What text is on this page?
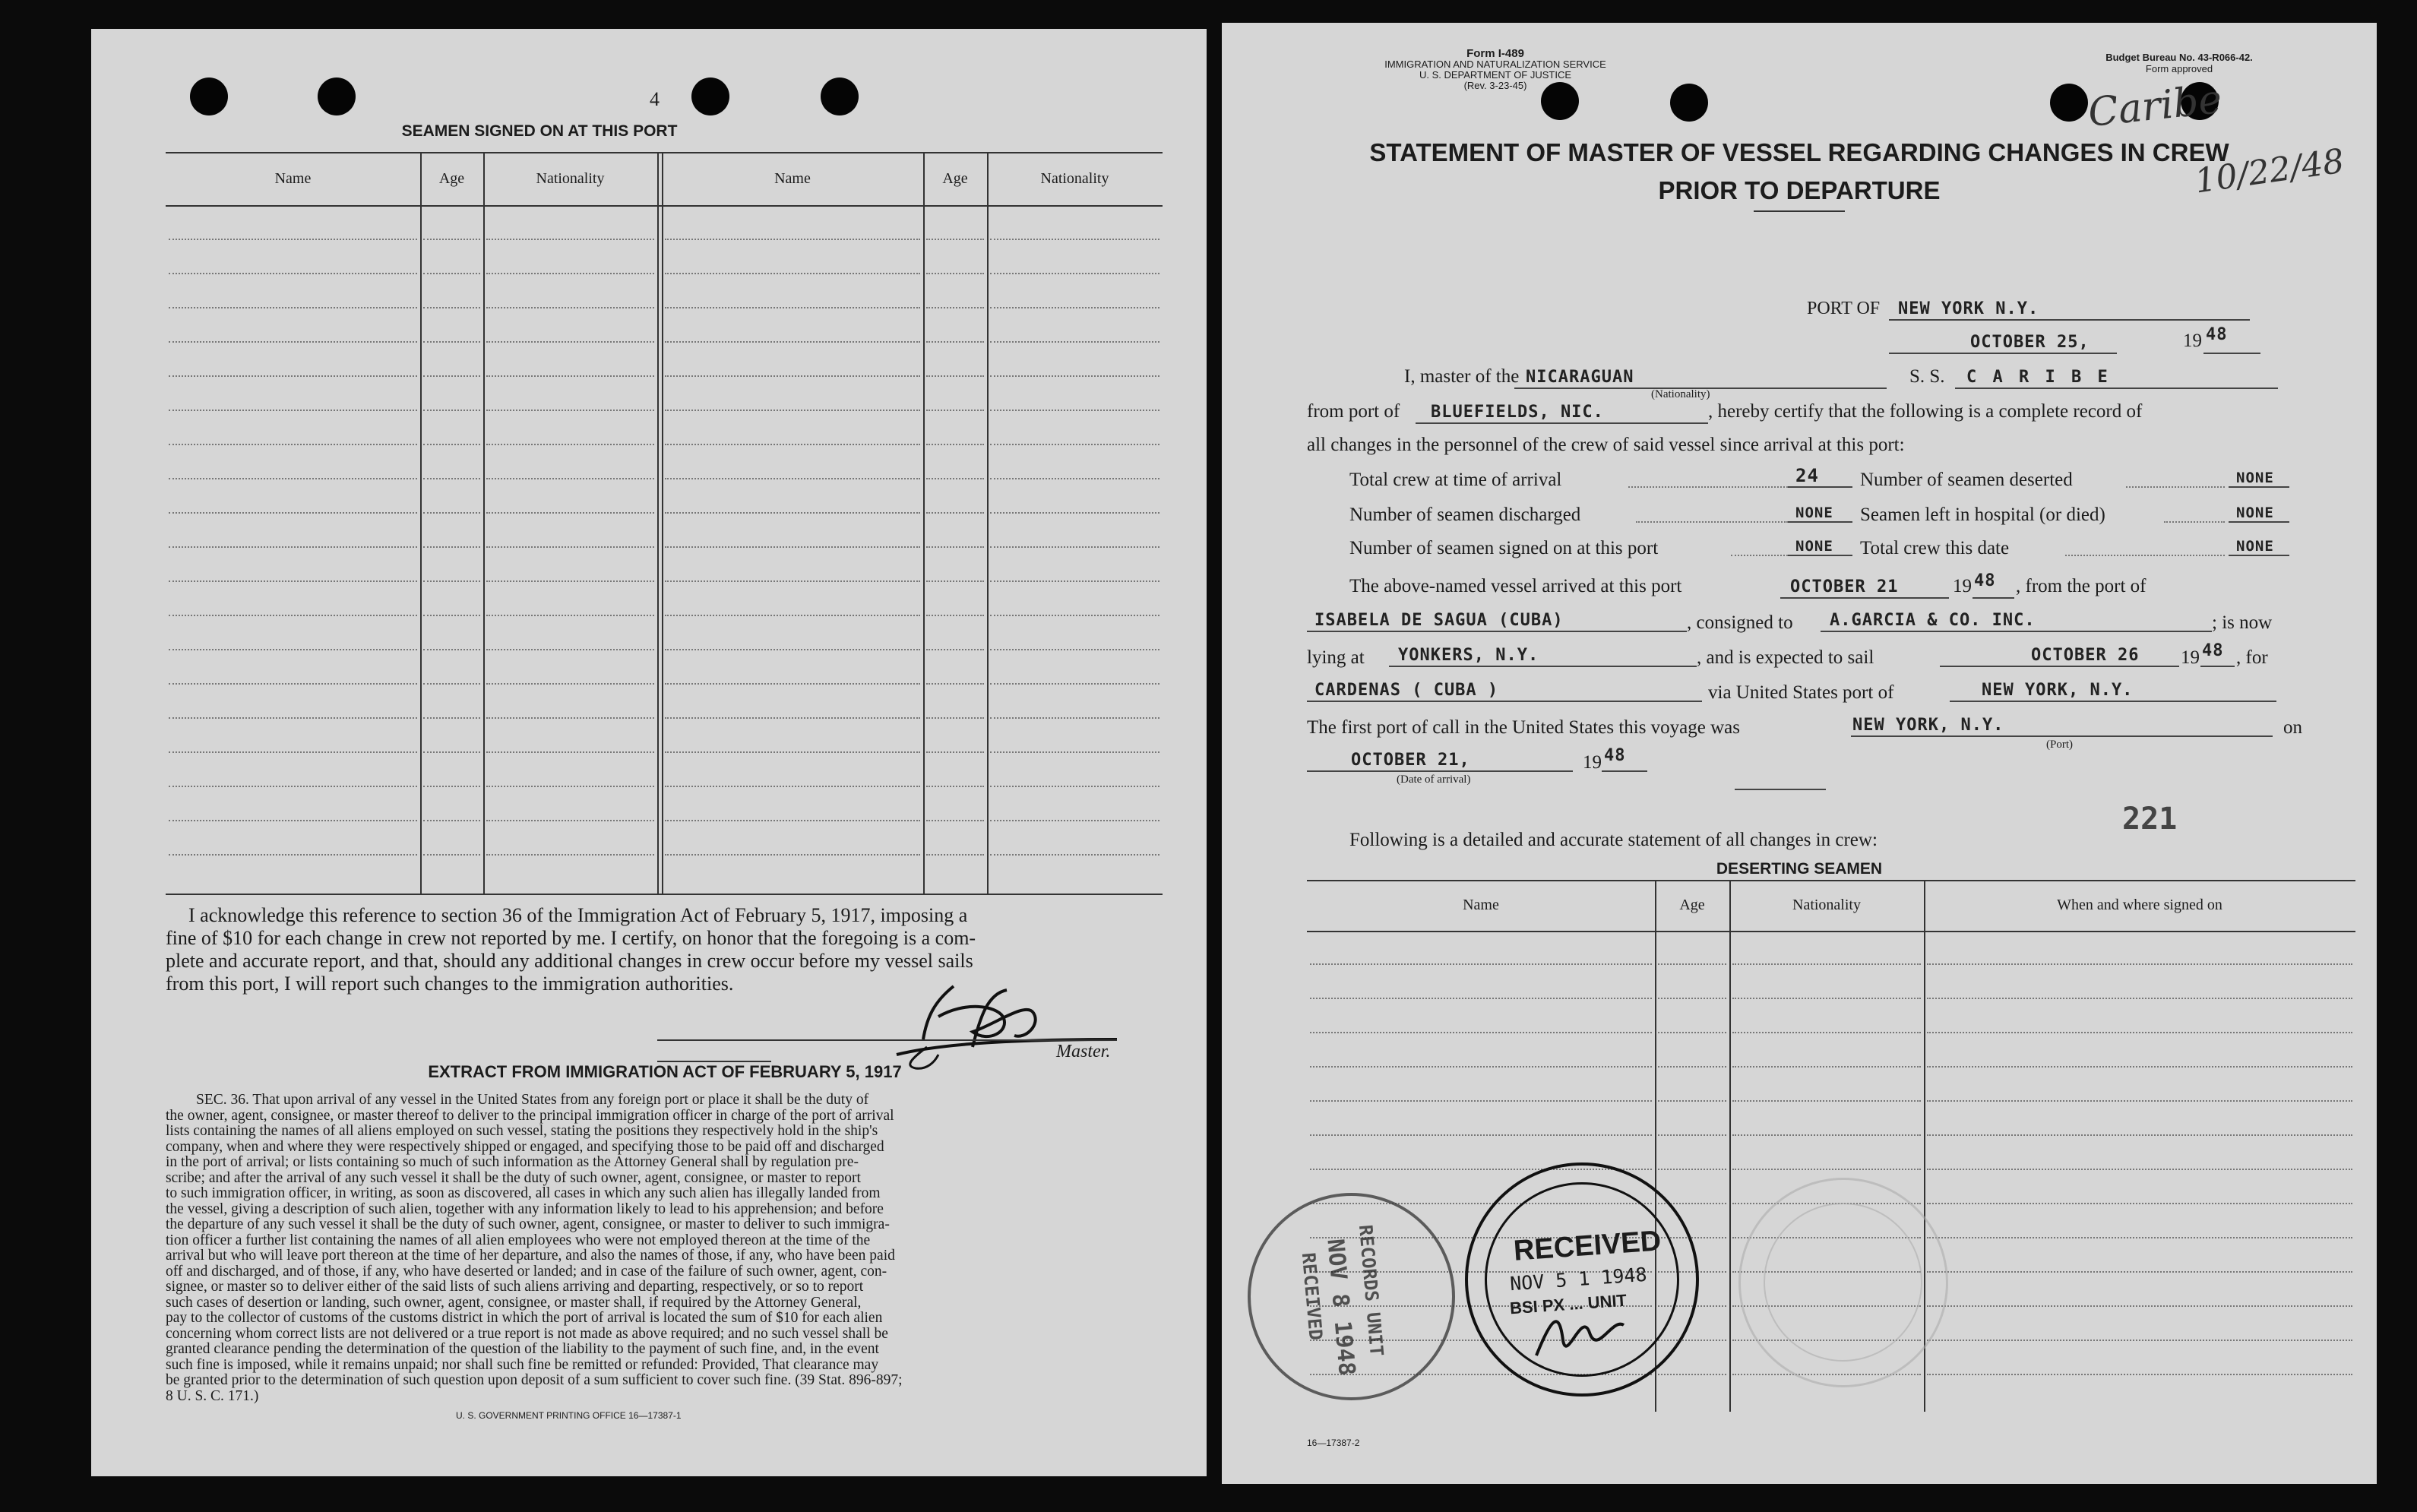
4
SEAMEN SIGNED ON AT THIS PORT
Name	Age	Nationality	Name	Age	Nationality
I acknowledge this reference to section 36 of the Immigration Act of February 5, 1917, imposing a
fine of $10 for each change in crew not reported by me. I certify, on honor that the foregoing is a com-
plete and accurate report, and that, should any additional changes in crew occur before my vessel sails
from this port, I will report such changes to the immigration authorities.
Master.
EXTRACT FROM IMMIGRATION ACT OF FEBRUARY 5, 1917
SEC. 36. That upon arrival of any vessel in the United States from any foreign port or place it shall be the duty of
the owner, agent, consignee, or master thereof to deliver to the principal immigration officer in charge of the port of arrival
lists containing the names of all aliens employed on such vessel, stating the positions they respectively hold in the ship's
company, when and where they were respectively shipped or engaged, and specifying those to be paid off and discharged
in the port of arrival; or lists containing so much of such information as the Attorney General shall by regulation pre-
scribe; and after the arrival of any such vessel it shall be the duty of such owner, agent, consignee, or master to report
to such immigration officer, in writing, as soon as discovered, all cases in which any such alien has illegally landed from
the vessel, giving a description of such alien, together with any information likely to lead to his apprehension; and before
the departure of any such vessel it shall be the duty of such owner, agent, consignee, or master to deliver to such immigra-
tion officer a further list containing the names of all alien employees who were not employed thereon at the time of the
arrival but who will leave port thereon at the time of her departure, and also the names of those, if any, who have been paid
off and discharged, and of those, if any, who have deserted or landed; and in case of the failure of such owner, agent, con-
signee, or master so to deliver either of the said lists of such aliens arriving and departing, respectively, or so to report
such cases of desertion or landing, such owner, agent, consignee, or master shall, if required by the Attorney General,
pay to the collector of customs of the customs district in which the port of arrival is located the sum of $10 for each alien
concerning whom correct lists are not delivered or a true report is not made as above required; and no such vessel shall be
granted clearance pending the determination of the question of the liability to the payment of such fine, and, in the event
such fine is imposed, while it remains unpaid; nor shall such fine be remitted or refunded: Provided, That clearance may
be granted prior to the determination of such question upon deposit of a sum sufficient to cover such fine. (39 Stat. 896-897;
8 U. S. C. 171.)
U. S. GOVERNMENT PRINTING OFFICE 16—17387-1
Form I-489
IMMIGRATION AND NATURALIZATION SERVICE
U. S. DEPARTMENT OF JUSTICE
(Rev. 3-23-45)
Budget Bureau No. 43-R066-42.
Form approved
Caribe
10/22/48
STATEMENT OF MASTER OF VESSEL REGARDING CHANGES IN CREW
PRIOR TO DEPARTURE
PORT OF NEW YORK N.Y.
OCTOBER 25,	19 48
I, master of the NICARAGUAN
(Nationality)
S. S. C A R I B E
from port of BLUEFIELDS, NIC.	, hereby certify that the following is a complete record of
all changes in the personnel of the crew of said vessel since arrival at this port:
Total crew at time of arrival	24 Number of seamen deserted	NONE
Number of seamen discharged	NONE Seamen left in hospital (or died)	NONE
Number of seamen signed on at this port	NONE Total crew this date	NONE
The above-named vessel arrived at this port	OCTOBER 21	19 48 , from the port of
ISABELA DE SAGUA (CUBA)	, consigned to A.GARCIA & CO. INC.	; is now
lying at YONKERS, N.Y.	, and is expected to sail	OCTOBER 26 19 48 , for
CARDENAS ( CUBA )	via United States port of	NEW YORK, N.Y.
The first port of call in the United States this voyage was	NEW YORK, N.Y.	on
(Port)
OCTOBER 21,	19 48
(Date of arrival)
221
Following is a detailed and accurate statement of all changes in crew:
DESERTING SEAMEN
Name	Age	Nationality	When and where signed on
RECORDS UNIT
NOV 8 1948
RECEIVED
RECEIVED
NOV 5 1 1948
BSI PX ... UNIT
16—17387-2
